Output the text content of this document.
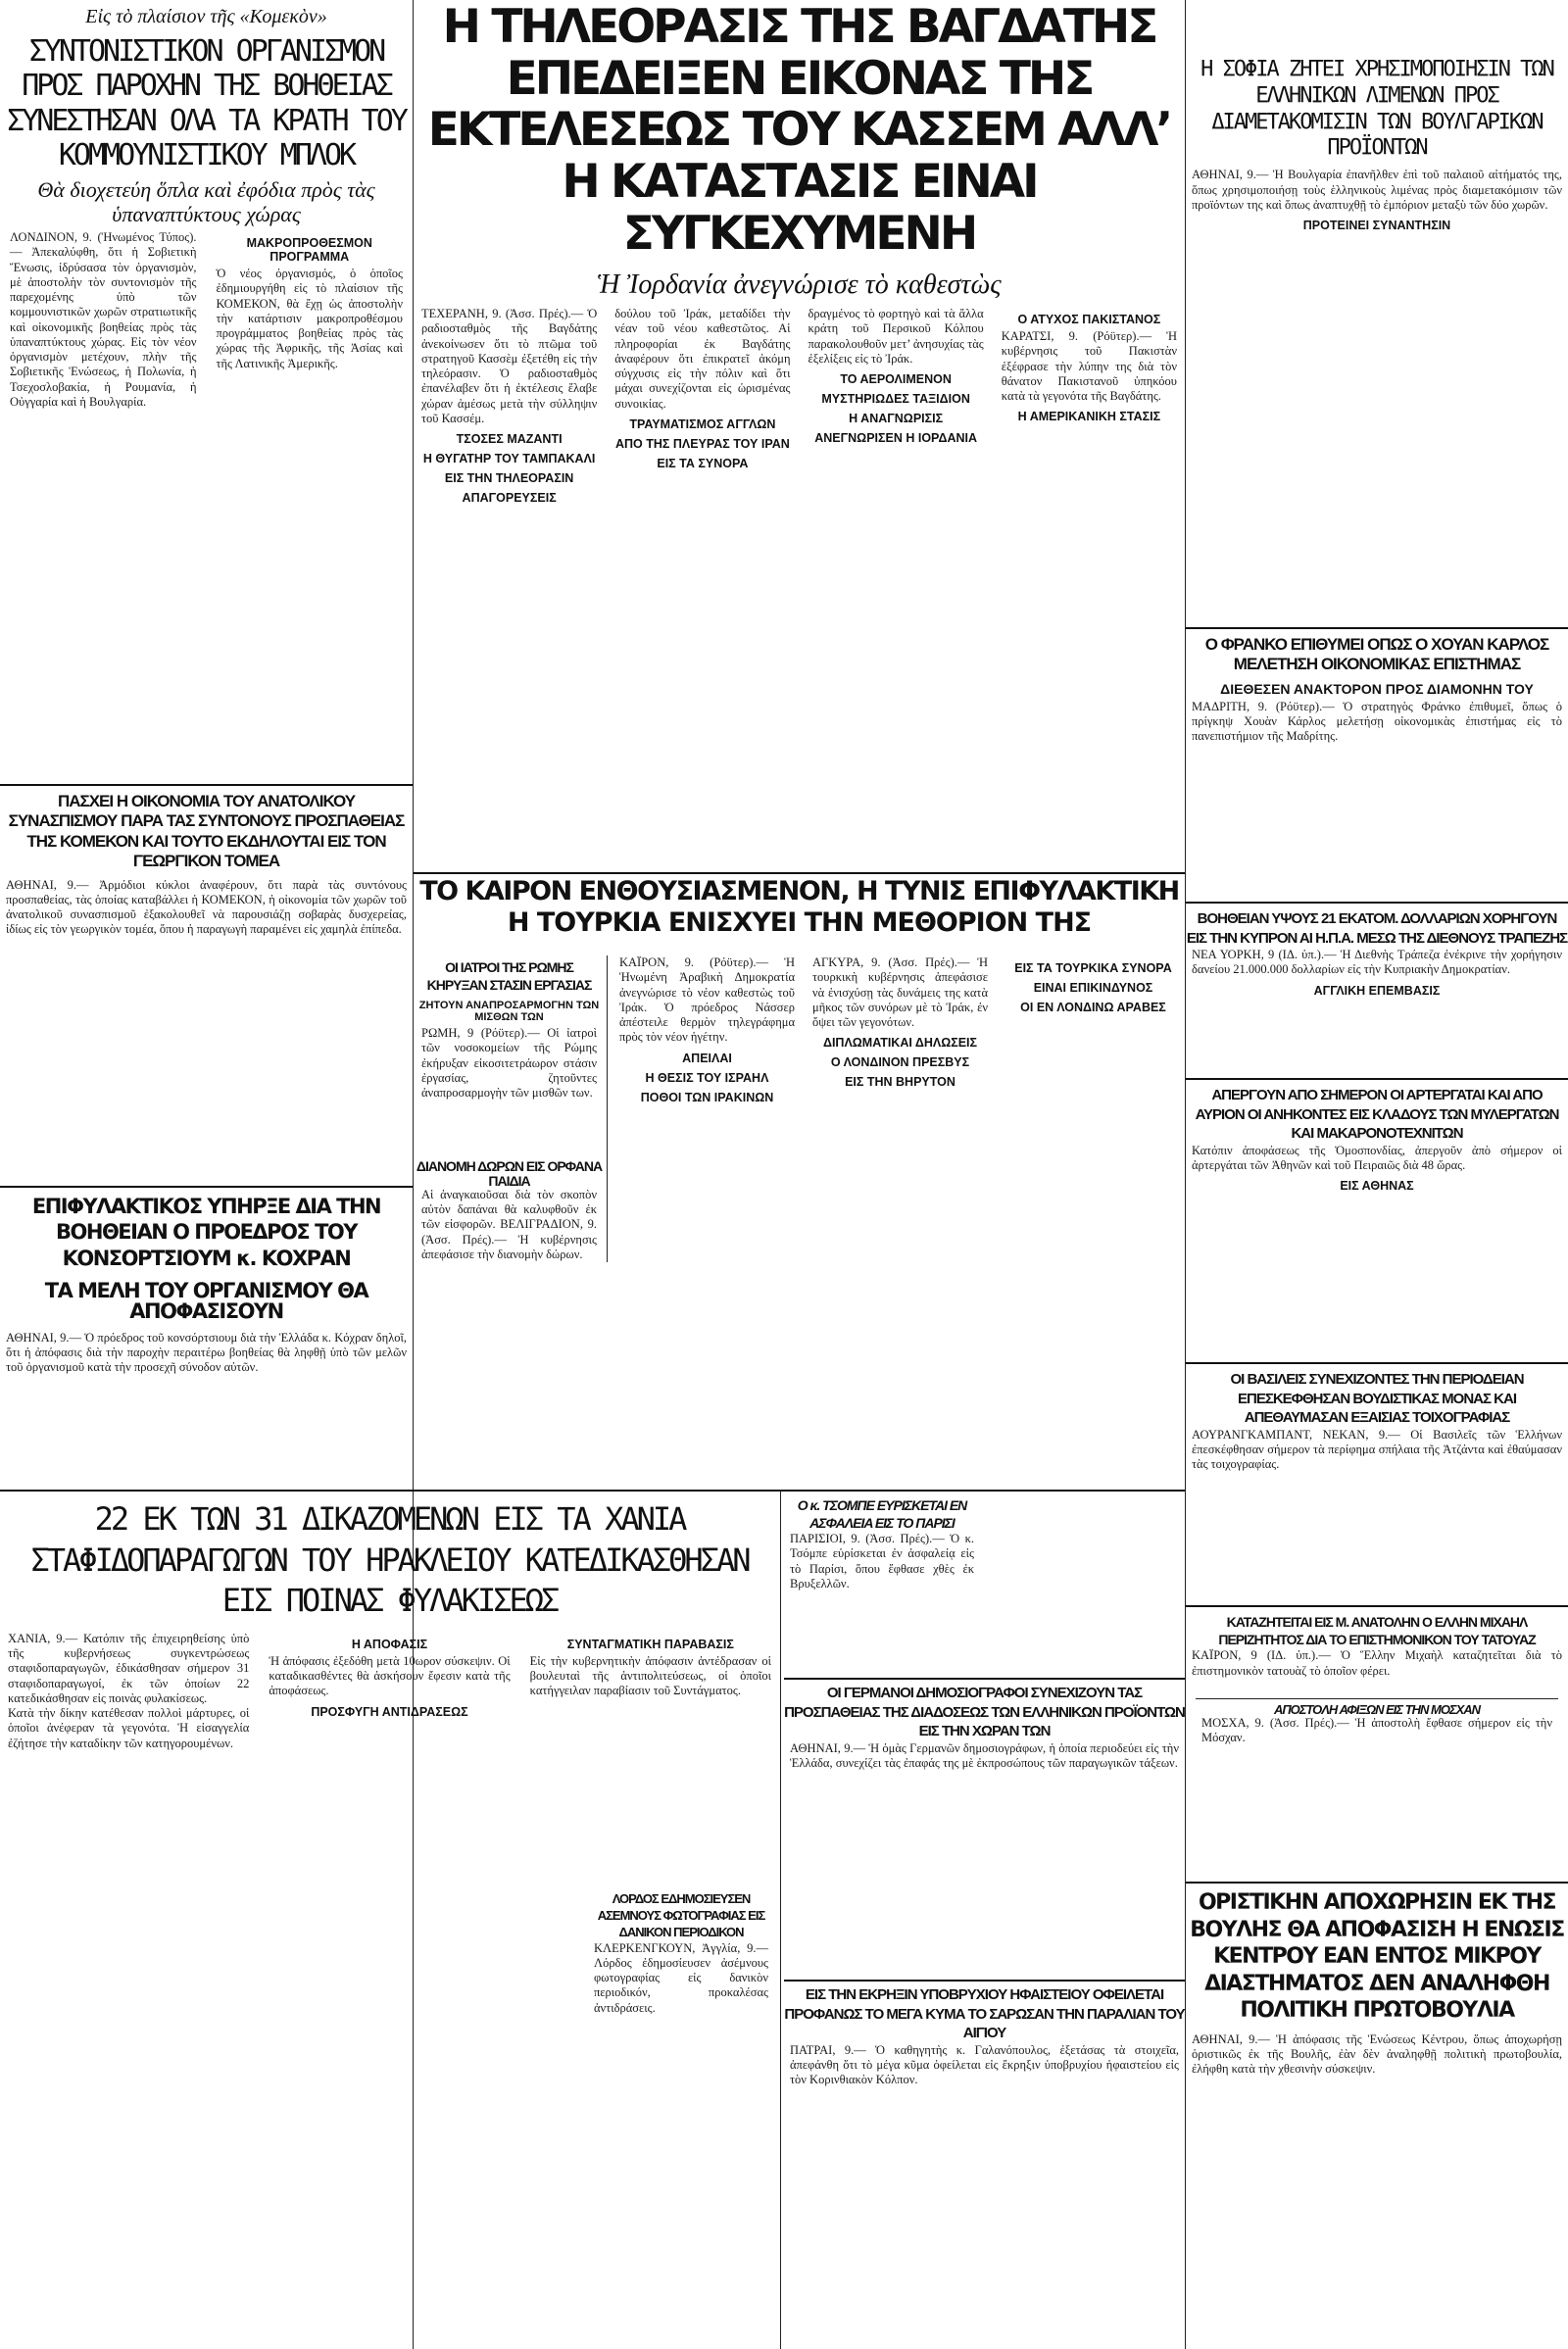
Εἰς τὸ πλαίσιον τῆς «Κομεκὸν»
ΣΥΝΤΟΝΙΣΤΙΚΟΝ ΟΡΓΑΝΙΣΜΟΝ ΠΡΟΣ ΠΑΡΟΧΗΝ ΤΗΣ ΒΟΗΘΕΙΑΣ ΣΥΝΕΣΤΗΣΑΝ ΟΛΑ ΤΑ ΚΡΑΤΗ ΤΟΥ ΚΟΜΜΟΥΝΙΣΤΙΚΟΥ ΜΠΛΟΚ
Θὰ διοχετεύη ὅπλα καὶ ἐφόδια πρὸς τὰς ὑπαναπτύκτους χώρας

ΛΟΝΔΙΝΟΝ, 9. (Ἡνωμένος Τύπος).— Ἀπεκαλύφθη, ὅτι ἡ Σοβιετικὴ Ἕνωσις, ἰδρύσασα τὸν ὀργανισμὸν, μὲ ἀποστολὴν τὸν συντονισμὸν τῆς παρεχομένης ὑπὸ τῶν κομμουνιστικῶν χωρῶν στρατιωτικῆς καὶ οἰκονομικῆς βοηθείας πρὸς τὰς ὑπαναπτύκτους χώρας. Εἰς τὸν νέον ὀργανισμὸν μετέχουν, πλὴν τῆς Σοβιετικῆς Ἑνώσεως, ἡ Πολωνία, ἡ Τσεχοσλοβακία, ἡ Ρουμανία, ἡ Οὐγγαρία καὶ ἡ Βουλγαρία.

ΜΑΚΡΟΠΡΟΘΕΣΜΟΝ ΠΡΟΓΡΑΜΜΑ

Ὁ νέος ὀργανισμός, ὁ ὁποῖος ἐδημιουργήθη εἰς τὸ πλαίσιον τῆς ΚΟΜΕΚΟΝ, θὰ ἔχῃ ὡς ἀποστολὴν τὴν κατάρτισιν μακροπροθέσμου προγράμματος βοηθείας πρὸς τὰς χώρας τῆς Ἀφρικῆς, τῆς Ἀσίας καὶ τῆς Λατινικῆς Ἀμερικῆς.

ΠΑΣΧΕΙ Η ΟΙΚΟΝΟΜΙΑ ΤΟΥ ΑΝΑΤΟΛΙΚΟΥ ΣΥΝΑΣΠΙΣΜΟΥ ΠΑΡΑ ΤΑΣ ΣΥΝΤΟΝΟΥΣ ΠΡΟΣΠΑΘΕΙΑΣ ΤΗΣ ΚΟΜΕΚΟΝ ΚΑΙ ΤΟΥΤΟ ΕΚΔΗΛΟΥΤΑΙ ΕΙΣ ΤΟΝ ΓΕΩΡΓΙΚΟΝ ΤΟΜΕΑ

ΑΘΗΝΑΙ, 9.— Ἀρμόδιοι κύκλοι ἀναφέρουν, ὅτι παρὰ τὰς συντόνους προσπαθείας, τὰς ὁποίας καταβάλλει ἡ ΚΟΜΕΚΟΝ, ἡ οἰκονομία τῶν χωρῶν τοῦ ἀνατολικοῦ συνασπισμοῦ ἐξακολουθεῖ νὰ παρουσιάζῃ σοβαρὰς δυσχερείας, ἰδίως εἰς τὸν γεωργικὸν τομέα, ὅπου ἡ παραγωγὴ παραμένει εἰς χαμηλὰ ἐπίπεδα.

ΕΠΙΦΥΛΑΚΤΙΚΟΣ ΥΠΗΡΞΕ ΔΙΑ ΤΗΝ ΒΟΗΘΕΙΑΝ Ο ΠΡΟΕΔΡΟΣ ΤΟΥ ΚΟΝΣΟΡΤΣΙΟΥΜ κ. ΚΟΧΡΑΝ
ΤΑ ΜΕΛΗ ΤΟΥ ΟΡΓΑΝΙΣΜΟΥ ΘΑ ΑΠΟΦΑΣΙΣΟΥΝ

ΑΘΗΝΑΙ, 9.— Ὁ πρόεδρος τοῦ κονσόρτσιουμ διὰ τὴν Ἑλλάδα κ. Κόχραν δηλοῖ, ὅτι ἡ ἀπόφασις διὰ τὴν παροχὴν περαιτέρω βοηθείας θὰ ληφθῇ ὑπὸ τῶν μελῶν τοῦ ὀργανισμοῦ κατὰ τὴν προσεχῆ σύνοδον αὐτῶν.

Η ΤΗΛΕΟΡΑΣΙΣ ΤΗΣ ΒΑΓΔΑΤΗΣ ΕΠΕΔΕΙΞΕΝ ΕΙΚΟΝΑΣ ΤΗΣ ΕΚΤΕΛΕΣΕΩΣ ΤΟΥ ΚΑΣΣΕΜ ΑΛΛ’ Η ΚΑΤΑΣΤΑΣΙΣ ΕΙΝΑΙ ΣΥΓΚΕΧΥΜΕΝΗ
Ἡ Ἰορδανία ἀνεγνώρισε τὸ καθεστὼς

ΤΕΧΕΡΑΝΗ, 9. (Ἀσσ. Πρές).— Ὁ ραδιοσταθμὸς τῆς Βαγδάτης ἀνεκοίνωσεν ὅτι τὸ πτῶμα τοῦ στρατηγοῦ Κασσὲμ ἐξετέθη εἰς τὴν τηλεόρασιν. Ὁ ραδιοσταθμὸς ἐπανέλαβεν ὅτι ἡ ἐκτέλεσις ἔλαβε χώραν ἀμέσως μετὰ τὴν σύλληψιν τοῦ Κασσέμ.

ΤΣΟΣΕΣ ΜΑΖΑΝΤΙ
Η ΘΥΓΑΤΗΡ ΤΟΥ ΤΑΜΠΑΚΑΛΙ
ΕΙΣ ΤΗΝ ΤΗΛΕΟΡΑΣΙΝ
ΑΠΑΓΟΡΕΥΣΕΙΣ

δούλου τοῦ Ἰράκ, μεταδίδει τὴν νέαν τοῦ νέου καθεστῶτος. Αἱ πληροφορίαι ἐκ Βαγδάτης ἀναφέρουν ὅτι ἐπικρατεῖ ἀκόμη σύγχυσις εἰς τὴν πόλιν καὶ ὅτι μάχαι συνεχίζονται εἰς ὡρισμένας συνοικίας.

ΤΡΑΥΜΑΤΙΣΜΟΣ ΑΓΓΛΩΝ
ΑΠΟ ΤΗΣ ΠΛΕΥΡΑΣ ΤΟΥ ΙΡΑΝ
ΕΙΣ ΤΑ ΣΥΝΟΡΑ

δραγμένος τὸ φορτηγὸ καὶ τὰ ἄλλα κράτη τοῦ Περσικοῦ Κόλπου παρακολουθοῦν μετ’ ἀνησυχίας τὰς ἐξελίξεις εἰς τὸ Ἰράκ.

ΤΟ ΑΕΡΟΛΙΜΕΝΟΝ
ΜΥΣΤΗΡΙΩΔΕΣ ΤΑΞΙΔΙΟΝ
Η ΑΝΑΓΝΩΡΙΣΙΣ
ΑΝΕΓΝΩΡΙΣΕΝ Η ΙΟΡΔΑΝΙΑ
Ο ΑΤΥΧΟΣ ΠΑΚΙΣΤΑΝΟΣ

ΚΑΡΑΤΣΙ, 9. (Ρόϋτερ).— Ἡ κυβέρνησις τοῦ Πακιστὰν ἐξέφρασε τὴν λύπην της διὰ τὸν θάνατον Πακιστανοῦ ὑπηκόου κατὰ τὰ γεγονότα τῆς Βαγδάτης.

Η ΑΜΕΡΙΚΑΝΙΚΗ ΣΤΑΣΙΣ
ΤΟ ΚΑΙΡΟΝ ΕΝΘΟΥΣΙΑΣΜΕΝΟΝ, Η ΤΥΝΙΣ ΕΠΙΦΥΛΑΚΤΙΚΗ
Η ΤΟΥΡΚΙΑ ΕΝΙΣΧΥΕΙ ΤΗΝ ΜΕΘΟΡΙΟΝ ΤΗΣ
ΟΙ ΙΑΤΡΟΙ ΤΗΣ ΡΩΜΗΣ ΚΗΡΥΞΑΝ ΣΤΑΣΙΝ ΕΡΓΑΣΙΑΣ
ΖΗΤΟΥΝ ΑΝΑΠΡΟΣΑΡΜΟΓΗΝ ΤΩΝ ΜΙΣΘΩΝ ΤΩΝ

ΡΩΜΗ, 9 (Ρόϋτερ).— Οἱ ἰατροὶ τῶν νοσοκομείων τῆς Ρώμης ἐκήρυξαν εἰκοσιτετράωρον στάσιν ἐργασίας, ζητοῦντες ἀναπροσαρμογὴν τῶν μισθῶν των.

ΔΙΑΝΟΜΗ ΔΩΡΩΝ ΕΙΣ ΟΡΦΑΝΑ ΠΑΙΔΙΑ

Αἱ ἀναγκαιοῦσαι διὰ τὸν σκοπὸν αὐτὸν δαπάναι θὰ καλυφθοῦν ἐκ τῶν εἰσφορῶν. ΒΕΛΙΓΡΑΔΙΟΝ, 9. (Ἀσσ. Πρές).— Ἡ κυβέρνησις ἀπεφάσισε τὴν διανομὴν δώρων.

ΚΑΪΡΟΝ, 9. (Ρόϋτερ).— Ἡ Ἡνωμένη Ἀραβικὴ Δημοκρατία ἀνεγνώρισε τὸ νέον καθεστὼς τοῦ Ἰράκ. Ὁ πρόεδρος Νάσσερ ἀπέστειλε θερμὸν τηλεγράφημα πρὸς τὸν νέον ἡγέτην.

ΑΠΕΙΛΑΙ
Η ΘΕΣΙΣ ΤΟΥ ΙΣΡΑΗΛ
ΠΟΘΟΙ ΤΩΝ ΙΡΑΚΙΝΩΝ

ΑΓΚΥΡΑ, 9. (Ἀσσ. Πρές).— Ἡ τουρκικὴ κυβέρνησις ἀπεφάσισε νὰ ἐνισχύσῃ τὰς δυνάμεις της κατὰ μῆκος τῶν συνόρων μὲ τὸ Ἰράκ, ἐν ὄψει τῶν γεγονότων.

ΔΙΠΛΩΜΑΤΙΚΑΙ ΔΗΛΩΣΕΙΣ
Ο ΛΟΝΔΙΝΟΝ ΠΡΕΣΒΥΣ
ΕΙΣ ΤΗΝ ΒΗΡΥΤΟΝ
ΕΙΣ ΤΑ ΤΟΥΡΚΙΚΑ ΣΥΝΟΡΑ
ΕΙΝΑΙ ΕΠΙΚΙΝΔΥΝΟΣ
ΟΙ ΕΝ ΛΟΝΔΙΝΩ ΑΡΑΒΕΣ
Η ΣΟΦΙΑ ΖΗΤΕΙ ΧΡΗΣΙΜΟΠΟΙΗΣΙΝ ΤΩΝ ΕΛΛΗΝΙΚΩΝ ΛΙΜΕΝΩΝ ΠΡΟΣ ΔΙΑΜΕΤΑΚΟΜΙΣΙΝ ΤΩΝ ΒΟΥΛΓΑΡΙΚΩΝ ΠΡΟΪΟΝΤΩΝ

ΑΘΗΝΑΙ, 9.— Ἡ Βουλγαρία ἐπανῆλθεν ἐπὶ τοῦ παλαιοῦ αἰτήματός της, ὅπως χρησιμοποιήσῃ τοὺς ἑλληνικοὺς λιμένας πρὸς διαμετακόμισιν τῶν προϊόντων της καὶ ὅπως ἀναπτυχθῇ τὸ ἐμπόριον μεταξὺ τῶν δύο χωρῶν.

ΠΡΟΤΕΙΝΕΙ ΣΥΝΑΝΤΗΣΙΝ
Ο ΦΡΑΝΚΟ ΕΠΙΘΥΜΕΙ ΟΠΩΣ Ο ΧΟΥΑΝ ΚΑΡΛΟΣ ΜΕΛΕΤΗΣΗ ΟΙΚΟΝΟΜΙΚΑΣ ΕΠΙΣΤΗΜΑΣ
ΔΙΕΘΕΣΕΝ ΑΝΑΚΤΟΡΟΝ ΠΡΟΣ ΔΙΑΜΟΝΗΝ ΤΟΥ

ΜΑΔΡΙΤΗ, 9. (Ρόϋτερ).— Ὁ στρατηγὸς Φράνκο ἐπιθυμεῖ, ὅπως ὁ πρίγκηψ Χουὰν Κάρλος μελετήσῃ οἰκονομικὰς ἐπιστήμας εἰς τὸ πανεπιστήμιον τῆς Μαδρίτης.

ΒΟΗΘΕΙΑΝ ΥΨΟΥΣ 21 ΕΚΑΤΟΜ. ΔΟΛΛΑΡΙΩΝ ΧΟΡΗΓΟΥΝ ΕΙΣ ΤΗΝ ΚΥΠΡΟΝ ΑΙ Η.Π.Α. ΜΕΣΩ ΤΗΣ ΔΙΕΘΝΟΥΣ ΤΡΑΠΕΖΗΣ

ΝΕΑ ΥΟΡΚΗ, 9 (ΙΔ. ὑπ.).— Ἡ Διεθνὴς Τράπεζα ἐνέκρινε τὴν χορήγησιν δανείου 21.000.000 δολλαρίων εἰς τὴν Κυπριακὴν Δημοκρατίαν.

ΑΓΓΛΙΚΗ ΕΠΕΜΒΑΣΙΣ
ΑΠΕΡΓΟΥΝ ΑΠΟ ΣΗΜΕΡΟΝ ΟΙ ΑΡΤΕΡΓΑΤΑΙ ΚΑΙ ΑΠΟ ΑΥΡΙΟΝ ΟΙ ΑΝΗΚΟΝΤΕΣ ΕΙΣ ΚΛΑΔΟΥΣ ΤΩΝ ΜΥΛΕΡΓΑΤΩΝ ΚΑΙ ΜΑΚΑΡΟΝΟΤΕΧΝΙΤΩΝ

Κατόπιν ἀποφάσεως τῆς Ὁμοσπονδίας, ἀπεργοῦν ἀπὸ σήμερον οἱ ἀρτεργάται τῶν Ἀθηνῶν καὶ τοῦ Πειραιῶς διὰ 48 ὥρας.

ΕΙΣ ΑΘΗΝΑΣ
ΟΙ ΒΑΣΙΛΕΙΣ ΣΥΝΕΧΙΖΟΝΤΕΣ ΤΗΝ ΠΕΡΙΟΔΕΙΑΝ ΕΠΕΣΚΕΦΘΗΣΑΝ ΒΟΥΔΙΣΤΙΚΑΣ ΜΟΝΑΣ ΚΑΙ ΑΠΕΘΑΥΜΑΣΑΝ ΕΞΑΙΣΙΑΣ ΤΟΙΧΟΓΡΑΦΙΑΣ

ΑΟΥΡΑΝΓΚΑΜΠΑΝΤ, ΝΕΚΑΝ, 9.— Οἱ Βασιλεῖς τῶν Ἑλλήνων ἐπεσκέφθησαν σήμερον τὰ περίφημα σπήλαια τῆς Ἀτζάντα καὶ ἐθαύμασαν τὰς τοιχογραφίας.

ΚΑΤΑΖΗΤΕΙΤΑΙ ΕΙΣ Μ. ΑΝΑΤΟΛΗΝ Ο ΕΛΛΗΝ ΜΙΧΑΗΛ ΠΕΡΙΖΗΤΗΤΟΣ ΔΙΑ ΤΟ ΕΠΙΣΤΗΜΟΝΙΚΟΝ ΤΟΥ ΤΑΤΟΥΑΖ

ΚΑΪΡΟΝ, 9 (ΙΔ. ὑπ.).— Ὁ Ἕλλην Μιχαὴλ καταζητεῖται διὰ τὸ ἐπιστημονικὸν τατουὰζ τὸ ὁποῖον φέρει.

ΑΠΟΣΤΟΛΗ ΑΦΙΞΩΝ ΕΙΣ ΤΗΝ ΜΟΣΧΑΝ

ΜΟΣΧΑ, 9. (Ἀσσ. Πρές).— Ἡ ἀποστολὴ ἔφθασε σήμερον εἰς τὴν Μόσχαν.

ΟΡΙΣΤΙΚΗΝ ΑΠΟΧΩΡΗΣΙΝ ΕΚ ΤΗΣ ΒΟΥΛΗΣ ΘΑ ΑΠΟΦΑΣΙΣΗ Η ΕΝΩΣΙΣ ΚΕΝΤΡΟΥ ΕΑΝ ΕΝΤΟΣ ΜΙΚΡΟΥ ΔΙΑΣΤΗΜΑΤΟΣ ΔΕΝ ΑΝΑΛΗΦΘΗ ΠΟΛΙΤΙΚΗ ΠΡΩΤΟΒΟΥΛΙΑ

ΑΘΗΝΑΙ, 9.— Ἡ ἀπόφασις τῆς Ἑνώσεως Κέντρου, ὅπως ἀποχωρήσῃ ὁριστικῶς ἐκ τῆς Βουλῆς, ἐὰν δὲν ἀναληφθῇ πολιτικὴ πρωτοβουλία, ἐλήφθη κατὰ τὴν χθεσινὴν σύσκεψιν.

22 ΕΚ ΤΩΝ 31 ΔΙΚΑΖΟΜΕΝΩΝ ΕΙΣ ΤΑ ΧΑΝΙΑ ΣΤΑΦΙΔΟΠΑΡΑΓΩΓΩΝ ΤΟΥ ΗΡΑΚΛΕΙΟΥ ΚΑΤΕΔΙΚΑΣΘΗΣΑΝ ΕΙΣ ΠΟΙΝΑΣ ΦΥΛΑΚΙΣΕΩΣ

ΧΑΝΙΑ, 9.— Κατόπιν τῆς ἐπιχειρηθείσης ὑπὸ τῆς κυβερνήσεως συγκεντρώσεως σταφιδοπαραγωγῶν, ἐδικάσθησαν σήμερον 31 σταφιδοπαραγωγοί, ἐκ τῶν ὁποίων 22 κατεδικάσθησαν εἰς ποινὰς φυλακίσεως.

Κατὰ τὴν δίκην κατέθεσαν πολλοὶ μάρτυρες, οἱ ὁποῖοι ἀνέφεραν τὰ γεγονότα. Ἡ εἰσαγγελία ἐζήτησε τὴν καταδίκην τῶν κατηγορουμένων.

Η ΑΠΟΦΑΣΙΣ

Ἡ ἀπόφασις ἐξεδόθη μετὰ 10ωρον σύσκεψιν. Οἱ καταδικασθέντες θὰ ἀσκήσουν ἔφεσιν κατὰ τῆς ἀποφάσεως.

ΠΡΟΣΦΥΓΗ ΑΝΤΙΔΡΑΣΕΩΣ
ΣΥΝΤΑΓΜΑΤΙΚΗ ΠΑΡΑΒΑΣΙΣ

Εἰς τὴν κυβερνητικὴν ἀπόφασιν ἀντέδρασαν οἱ βουλευταὶ τῆς ἀντιπολιτεύσεως, οἱ ὁποῖοι κατήγγειλαν παραβίασιν τοῦ Συντάγματος.

Ο κ. ΤΣΟΜΠΕ ΕΥΡΙΣΚΕΤΑΙ ΕΝ ΑΣΦΑΛΕΙΑ ΕΙΣ ΤΟ ΠΑΡΙΣΙ

ΠΑΡΙΣΙΟΙ, 9. (Ἀσσ. Πρές).— Ὁ κ. Τσόμπε εὑρίσκεται ἐν ἀσφαλείᾳ εἰς τὸ Παρίσι, ὅπου ἔφθασε χθὲς ἐκ Βρυξελλῶν.

ΟΙ ΓΕΡΜΑΝΟΙ ΔΗΜΟΣΙΟΓΡΑΦΟΙ ΣΥΝΕΧΙΖΟΥΝ ΤΑΣ ΠΡΟΣΠΑΘΕΙΑΣ ΤΗΣ ΔΙΑΔΟΣΕΩΣ ΤΩΝ ΕΛΛΗΝΙΚΩΝ ΠΡΟΪΟΝΤΩΝ ΕΙΣ ΤΗΝ ΧΩΡΑΝ ΤΩΝ

ΑΘΗΝΑΙ, 9.— Ἡ ὁμὰς Γερμανῶν δημοσιογράφων, ἡ ὁποία περιοδεύει εἰς τὴν Ἑλλάδα, συνεχίζει τὰς ἐπαφάς της μὲ ἐκπροσώπους τῶν παραγωγικῶν τάξεων.

ΛΟΡΔΟΣ ΕΔΗΜΟΣΙΕΥΣΕΝ ΑΣΕΜΝΟΥΣ ΦΩΤΟΓΡΑΦΙΑΣ ΕΙΣ ΔΑΝΙΚΟΝ ΠΕΡΙΟΔΙΚΟΝ

ΚΛΕΡΚΕΝΓΚΟΥΝ, Ἀγγλία, 9.— Λόρδος ἐδημοσίευσεν ἀσέμνους φωτογραφίας εἰς δανικὸν περιοδικόν, προκαλέσας ἀντιδράσεις.

ΕΙΣ ΤΗΝ ΕΚΡΗΞΙΝ ΥΠΟΒΡΥΧΙΟΥ ΗΦΑΙΣΤΕΙΟΥ ΟΦΕΙΛΕΤΑΙ ΠΡΟΦΑΝΩΣ ΤΟ ΜΕΓΑ ΚΥΜΑ ΤΟ ΣΑΡΩΣΑΝ ΤΗΝ ΠΑΡΑΛΙΑΝ ΤΟΥ ΑΙΓΙΟΥ

ΠΑΤΡΑΙ, 9.— Ὁ καθηγητὴς κ. Γαλανόπουλος, ἐξετάσας τὰ στοιχεῖα, ἀπεφάνθη ὅτι τὸ μέγα κῦμα ὀφείλεται εἰς ἔκρηξιν ὑποβρυχίου ἡφαιστείου εἰς τὸν Κορινθιακὸν Κόλπον.
